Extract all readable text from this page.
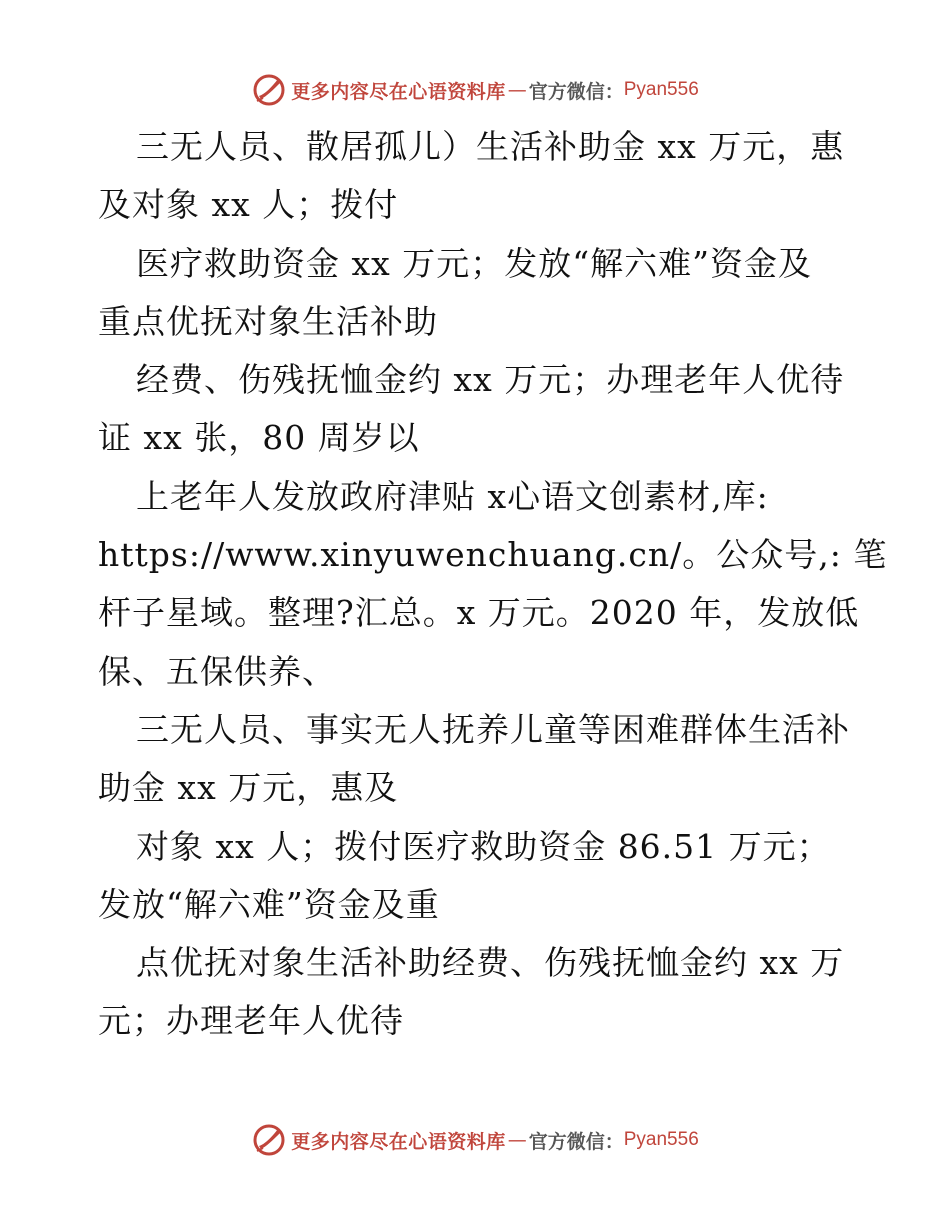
更多内容尽在心语资料库 — 官方微信： Pyan556
三无人员、散居孤儿）生活补助金 xx 万元，惠
及对象 xx 人；拨付
医疗救助资金 xx 万元；发放“解六难”资金及
重点优抚对象生活补助
经费、伤残抚恤金约 xx 万元；办理老年人优待
证 xx 张，80 周岁以
上老年人发放政府津贴 x心语文创素材,库:
https://www.xinyuwenchuang.cn/。公众号,: 笔
杆子星域。整理?汇总。x 万元。2020 年，发放低
保、五保供养、
三无人员、事实无人抚养儿童等困难群体生活补
助金 xx 万元，惠及
对象 xx 人；拨付医疗救助资金 86.51 万元；
发放“解六难”资金及重
点优抚对象生活补助经费、伤残抚恤金约 xx 万
元；办理老年人优待
更多内容尽在心语资料库 — 官方微信： Pyan556
